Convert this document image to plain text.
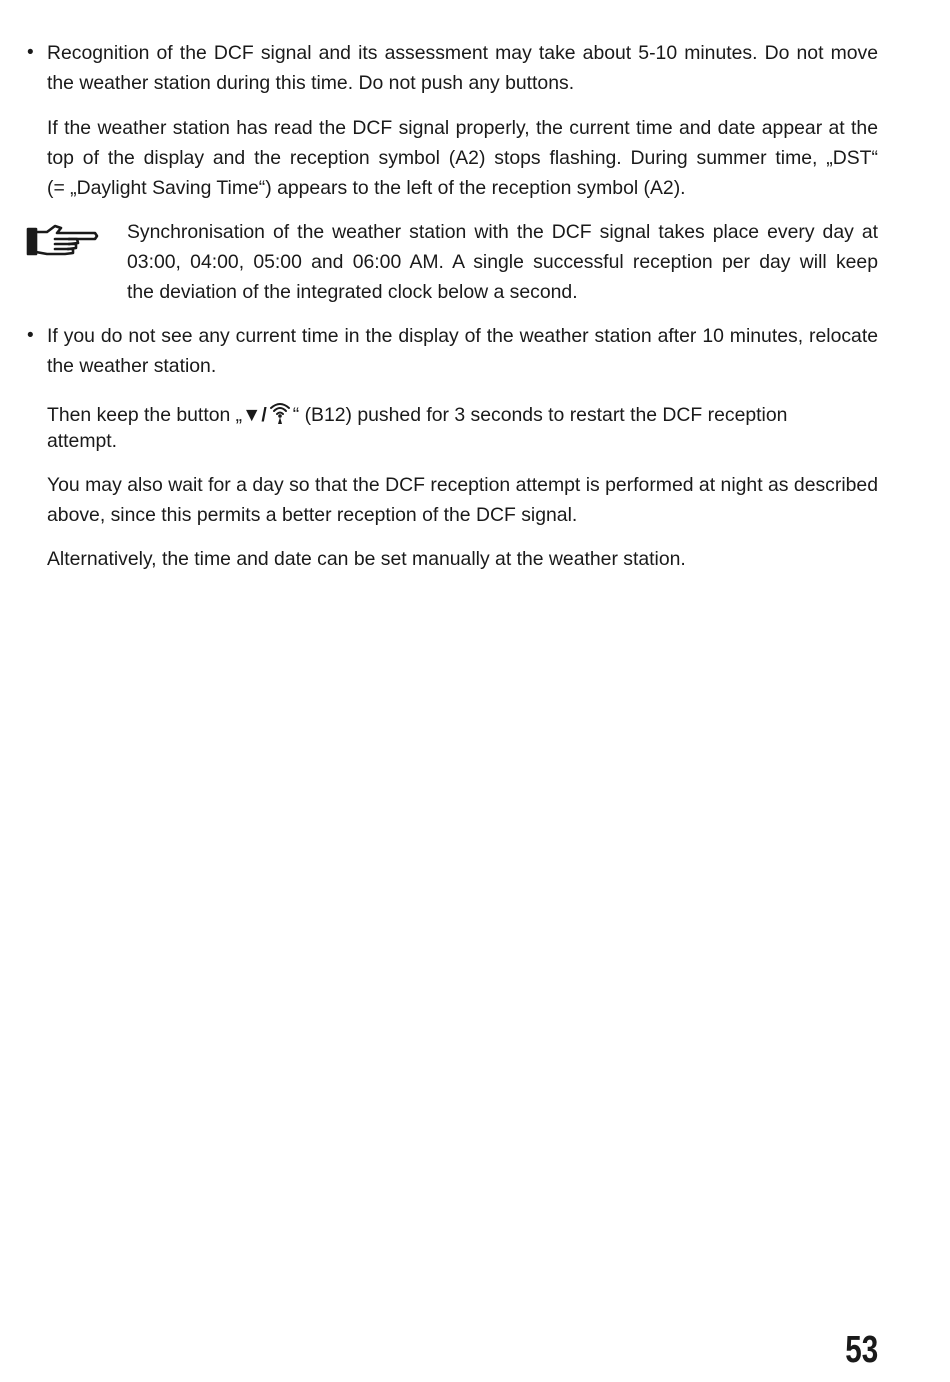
• Recognition of the DCF signal and its assessment may take about 5-10 minutes. Do not move
the weather station during this time. Do not push any buttons.
If the weather station has read the DCF signal properly, the current time and date appear at the
top of the display and the reception symbol (A2) stops flashing. During summer time, „DST“
(= „Daylight Saving Time“) appears to the left of the reception symbol (A2).
Synchronisation of the weather station with the DCF signal takes place every day at
03:00, 04:00, 05:00 and 06:00 AM. A single successful reception per day will keep
the deviation of the integrated clock below a second.
• If you do not see any current time in the display of the weather station after 10 minutes, relocate
the weather station.
Then keep the button „▼/ “ (B12) pushed for 3 seconds to restart the DCF reception
attempt.
You may also wait for a day so that the DCF reception attempt is performed at night as described
above, since this permits a better reception of the DCF signal.
Alternatively, the time and date can be set manually at the weather station.
53
